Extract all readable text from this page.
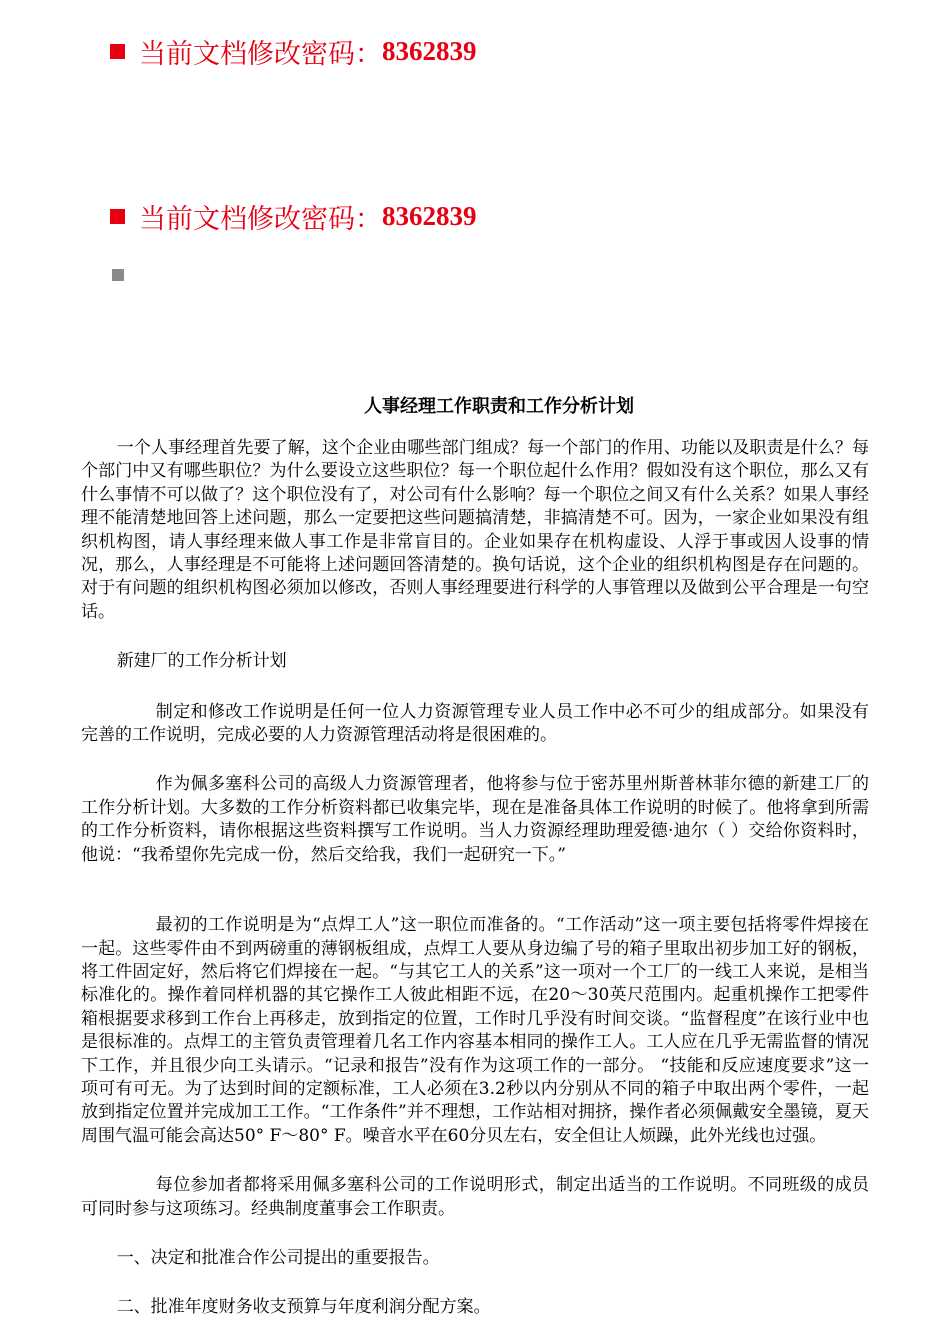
当前文档修改密码： 8362839
当前文档修改密码： 8362839
人事经理工作职责和工作分析计划

一个人事经理首先要了解，这个企业由哪些部门组成？每一个部门的作用、功能以及职责是什么？每个部门中又有哪些职位？为什么要设立这些职位？每一个职位起什么作用？假如没有这个职位，那么又有什么事情不可以做了？这个职位没有了，对公司有什么影响？每一个职位之间又有什么关系？如果人事经理不能清楚地回答上述问题，那么一定要把这些问题搞清楚，非搞清楚不可。因为，一家企业如果没有组织机构图，请人事经理来做人事工作是非常盲目的。企业如果存在机构虚设、人浮于事或因人设事的情况，那么，人事经理是不可能将上述问题回答清楚的。换句话说，这个企业的组织机构图是存在问题的。对于有问题的组织机构图必须加以修改，否则人事经理要进行科学的人事管理以及做到公平合理是一句空话。

新建厂的工作分析计划

制定和修改工作说明是任何一位人力资源管理专业人员工作中必不可少的组成部分。如果没有完善的工作说明，完成必要的人力资源管理活动将是很困难的。

作为佩多塞科公司的高级人力资源管理者，他将参与位于密苏里州斯普林菲尔德的新建工厂的工作分析计划。大多数的工作分析资料都已收集完毕，现在是准备具体工作说明的时候了。他将拿到所需的工作分析资料，请你根据这些资料撰写工作说明。当人力资源经理助理爱德·迪尔（ ）交给你资料时，他说：“我希望你先完成一份，然后交给我，我们一起研究一下。”

最初的工作说明是为“点焊工人”这一职位而准备的。“工作活动”这一项主要包括将零件焊接在一起。这些零件由不到两磅重的薄钢板组成，点焊工人要从身边编了号的箱子里取出初步加工好的钢板，将工件固定好，然后将它们焊接在一起。“与其它工人的关系”这一项对一个工厂的一线工人来说，是相当标准化的。操作着同样机器的其它操作工人彼此相距不远，在20～30英尺范围内。起重机操作工把零件箱根据要求移到工作台上再移走，放到指定的位置，工作时几乎没有时间交谈。“监督程度”在该行业中也是很标准的。点焊工的主管负责管理着几名工作内容基本相同的操作工人。工人应在几乎无需监督的情况下工作，并且很少向工头请示。“记录和报告”没有作为这项工作的一部分。 “技能和反应速度要求”这一项可有可无。为了达到时间的定额标准，工人必须在3.2秒以内分别从不同的箱子中取出两个零件，一起放到指定位置并完成加工工作。“工作条件”并不理想，工作站相对拥挤，操作者必须佩戴安全墨镜，夏天周围气温可能会高达50° F～80° F。噪音水平在60分贝左右，安全但让人烦躁，此外光线也过强。

每位参加者都将采用佩多塞科公司的工作说明形式，制定出适当的工作说明。不同班级的成员可同时参与这项练习。经典制度董事会工作职责。

一、决定和批准合作公司提出的重要报告。

二、批准年度财务收支预算与年度利润分配方案。
